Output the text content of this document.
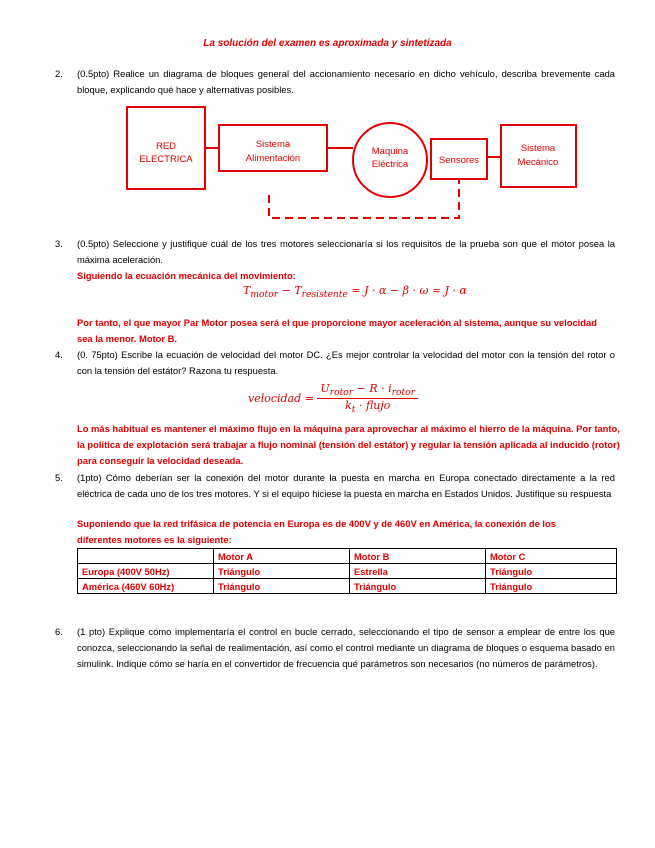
La solución del examen es aproximada y sintetizada
2.	(0.5pto) Realice un diagrama de bloques general del accionamiento necesario en dicho vehículo, describa brevemente cada bloque, explicando qué hace y alternativas posibles.
RED
ELECTRICA
Sistema
Alimentación
Maquina
Eléctrica	Sensores
Sistema
Mecánico
3.	(0.5pto) Seleccione y justifique cuál de los tres motores seleccionaría si los requisitos de la prueba son que el motor posea la máxima aceleración.
Siguiendo la ecuación mecánica del movimiento:
$T_{motor} - T_{resistente} = J \cdot \alpha - \beta \cdot \omega \approx J \cdot \alpha$
Por tanto, el que mayor Par Motor posea será el que proporcione mayor aceleración al sistema, aunque su velocidad sea la menor. Motor B.
4.	(0. 75pto) Escribe la ecuación de velocidad del motor DC. ¿Es mejor controlar la velocidad del motor con la tensión del rotor o con la tensión del estátor? Razona tu respuesta.
velocidad = $\frac{U_{rotor} - R \cdot i_{rotor}}{k_t \cdot flujo}$
Lo más habitual es mantener el máximo flujo en la máquina para aprovechar al máximo el hierro de la máquina. Por tanto, la política de explotación será trabajar a flujo nominal (tensión del estátor) y regular la tensión aplicada al inducido (rotor) para conseguir la velocidad deseada.
5.	(1pto) Cómo deberían ser la conexión del motor durante la puesta en marcha en Europa conectado directamente a la red eléctrica de cada uno de los tres motores. Y si el equipo hiciese la puesta en marcha en Estados Unidos. Justifique su respuesta
Suponiendo que la red trifásica de potencia en Europa es de 400V y de 460V en América, la conexión de los diferentes motores es la siguiente:
	Motor A	Motor B	Motor C
Europa (400V 50Hz)	Triángulo	Estrella	Triángulo
América (460V 60Hz)	Triángulo	Triángulo	Triángulo
6.	(1 pto) Explique cómo implementaría el control en bucle cerrado, seleccionando el tipo de sensor a emplear de entre los que conozca, seleccionando la señal de realimentación, así como el control mediante un diagrama de bloques o esquema basado en simulink. Indique cómo se haría en el convertidor de frecuencia qué parámetros son necesarios (no números de parámetros).
